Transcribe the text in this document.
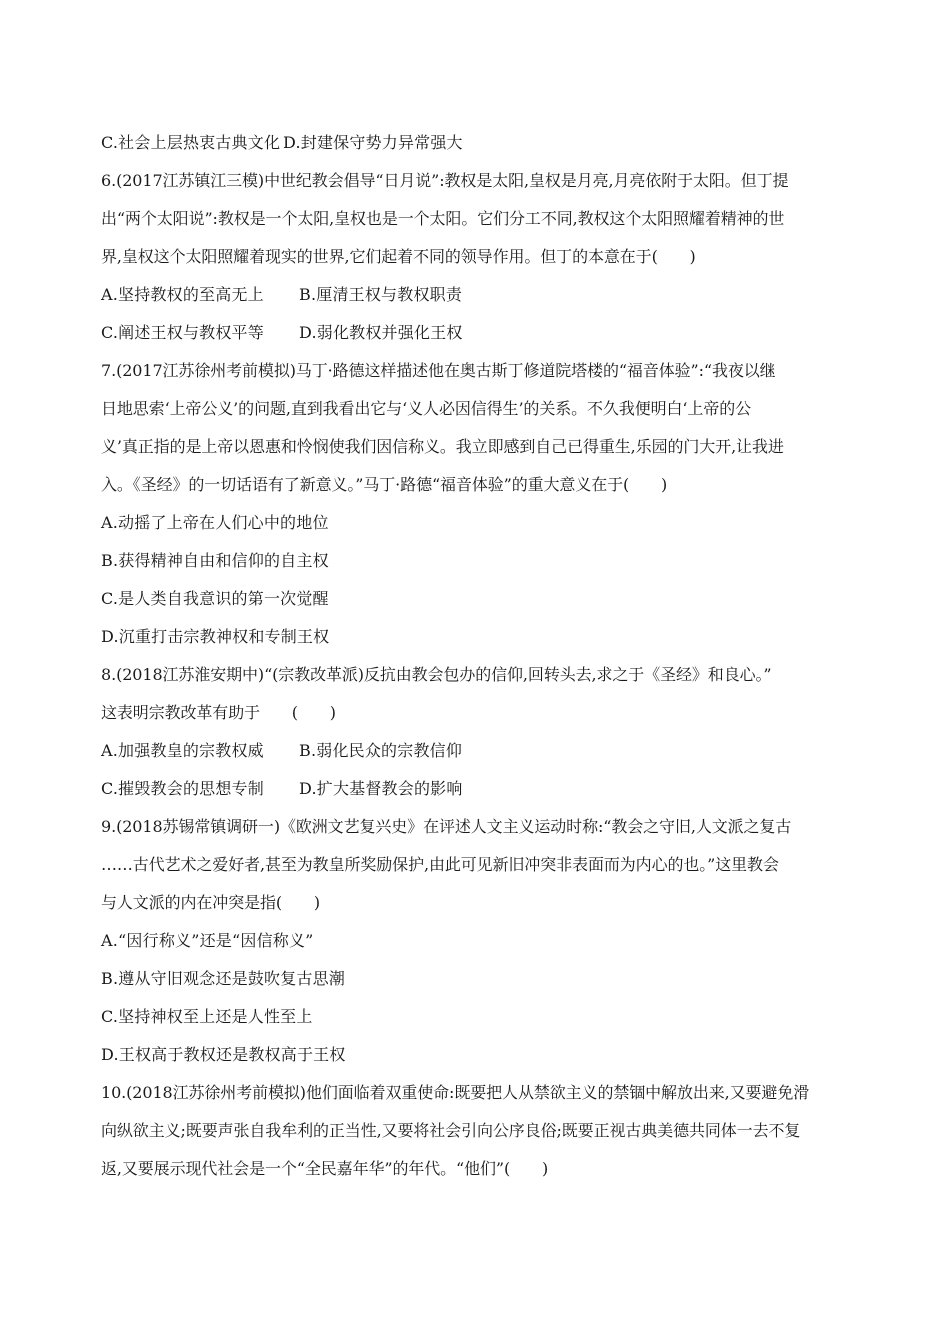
C.社会上层热衷古典文化 D.封建保守势力异常强大
6.(2017江苏镇江三模)中世纪教会倡导“日月说”:教权是太阳,皇权是月亮,月亮依附于太阳。但丁提
出“两个太阳说”:教权是一个太阳,皇权也是一个太阳。它们分工不同,教权这个太阳照耀着精神的世
界,皇权这个太阳照耀着现实的世界,它们起着不同的领导作用。但丁的本意在于(　　)
A.坚持教权的至高无上	B.厘清王权与教权职责
C.阐述王权与教权平等	D.弱化教权并强化王权
7.(2017江苏徐州考前模拟)马丁·路德这样描述他在奥古斯丁修道院塔楼的“福音体验”:“我夜以继
日地思索‘上帝公义’的问题,直到我看出它与‘义人必因信得生’的关系。不久我便明白‘上帝的公
义’真正指的是上帝以恩惠和怜悯使我们因信称义。我立即感到自己已得重生,乐园的门大开,让我进
入。《圣经》的一切话语有了新意义。”马丁·路德“福音体验”的重大意义在于(　　)
A.动摇了上帝在人们心中的地位
B.获得精神自由和信仰的自主权
C.是人类自我意识的第一次觉醒
D.沉重打击宗教神权和专制王权
8.(2018江苏淮安期中)“(宗教改革派)反抗由教会包办的信仰,回转头去,求之于《圣经》和良心。”
这表明宗教改革有助于　　(　　)
A.加强教皇的宗教权威	B.弱化民众的宗教信仰
C.摧毁教会的思想专制	D.扩大基督教会的影响
9.(2018苏锡常镇调研一)《欧洲文艺复兴史》在评述人文主义运动时称:“教会之守旧,人文派之复古
……古代艺术之爱好者,甚至为教皇所奖励保护,由此可见新旧冲突非表面而为内心的也。”这里教会
与人文派的内在冲突是指(　　)
A.“因行称义”还是“因信称义”
B.遵从守旧观念还是鼓吹复古思潮
C.坚持神权至上还是人性至上
D.王权高于教权还是教权高于王权
10.(2018江苏徐州考前模拟)他们面临着双重使命:既要把人从禁欲主义的禁锢中解放出来,又要避免滑
向纵欲主义;既要声张自我牟利的正当性,又要将社会引向公序良俗;既要正视古典美德共同体一去不复
返,又要展示现代社会是一个“全民嘉年华”的年代。“他们”(　　)
